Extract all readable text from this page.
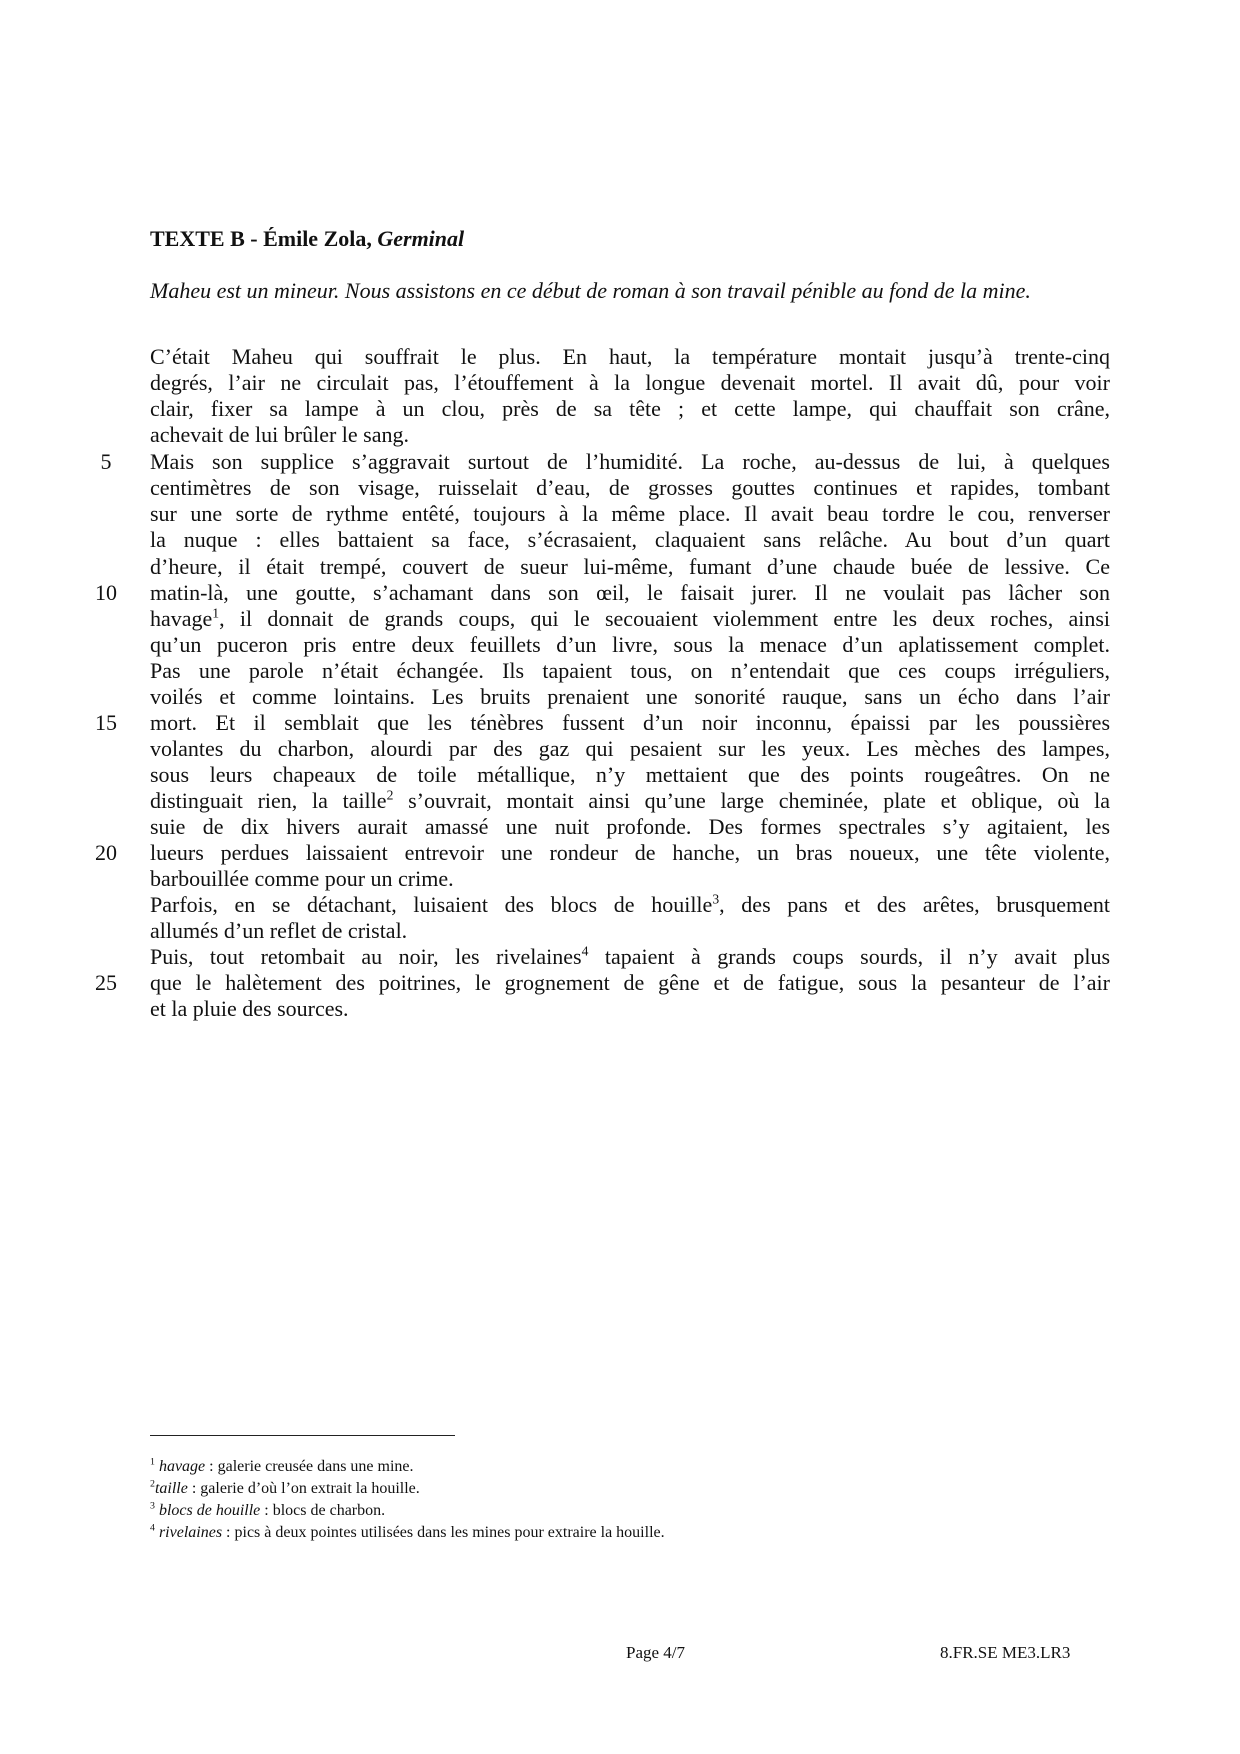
TEXTE B - Émile Zola, Germinal
Maheu est un mineur. Nous assistons en ce début de roman à son travail pénible au fond de la mine.
C’était Maheu qui souffrait le plus. En haut, la température montait jusqu’à trente-cinq
degrés, l’air ne circulait pas, l’étouffement à la longue devenait mortel. Il avait dû, pour voir
clair, fixer sa lampe à un clou, près de sa tête ; et cette lampe, qui chauffait son crâne,
achevait de lui brûler le sang.
Mais son supplice s’aggravait surtout de l’humidité. La roche, au-dessus de lui, à quelques
centimètres de son visage, ruisselait d’eau, de grosses gouttes continues et rapides, tombant
sur une sorte de rythme entêté, toujours à la même place. Il avait beau tordre le cou, renverser
la nuque : elles battaient sa face, s’écrasaient, claquaient sans relâche. Au bout d’un quart
d’heure, il était trempé, couvert de sueur lui-même, fumant d’une chaude buée de lessive. Ce
matin-là, une goutte, s’achamant dans son œil, le faisait jurer. Il ne voulait pas lâcher son
havage$^1$, il donnait de grands coups, qui le secouaient violemment entre les deux roches, ainsi
qu’un puceron pris entre deux feuillets d’un livre, sous la menace d’un aplatissement complet.
Pas une parole n’était échangée. Ils tapaient tous, on n’entendait que ces coups irréguliers,
voilés et comme lointains. Les bruits prenaient une sonorité rauque, sans un écho dans l’air
mort. Et il semblait que les ténèbres fussent d’un noir inconnu, épaissi par les poussières
volantes du charbon, alourdi par des gaz qui pesaient sur les yeux. Les mèches des lampes,
sous leurs chapeaux de toile métallique, n’y mettaient que des points rougeâtres. On ne
distinguait rien, la taille$^2$ s’ouvrait, montait ainsi qu’une large cheminée, plate et oblique, où la
suie de dix hivers aurait amassé une nuit profonde. Des formes spectrales s’y agitaient, les
lueurs perdues laissaient entrevoir une rondeur de hanche, un bras noueux, une tête violente,
barbouillée comme pour un crime.
Parfois, en se détachant, luisaient des blocs de houille$^3$, des pans et des arêtes, brusquement
allumés d’un reflet de cristal.
Puis, tout retombait au noir, les rivelaines$^4$ tapaient à grands coups sourds, il n’y avait plus
que le halètement des poitrines, le grognement de gêne et de fatigue, sous la pesanteur de l’air
et la pluie des sources.
5
10
15
20
25
$^1$ havage : galerie creusée dans une mine.
$^2$taille : galerie d’où l’on extrait la houille.
$^3$ blocs de houille : blocs de charbon.
$^4$ rivelaines : pics à deux pointes utilisées dans les mines pour extraire la houille.
Page 4/7	8.FR.SE ME3.LR3
